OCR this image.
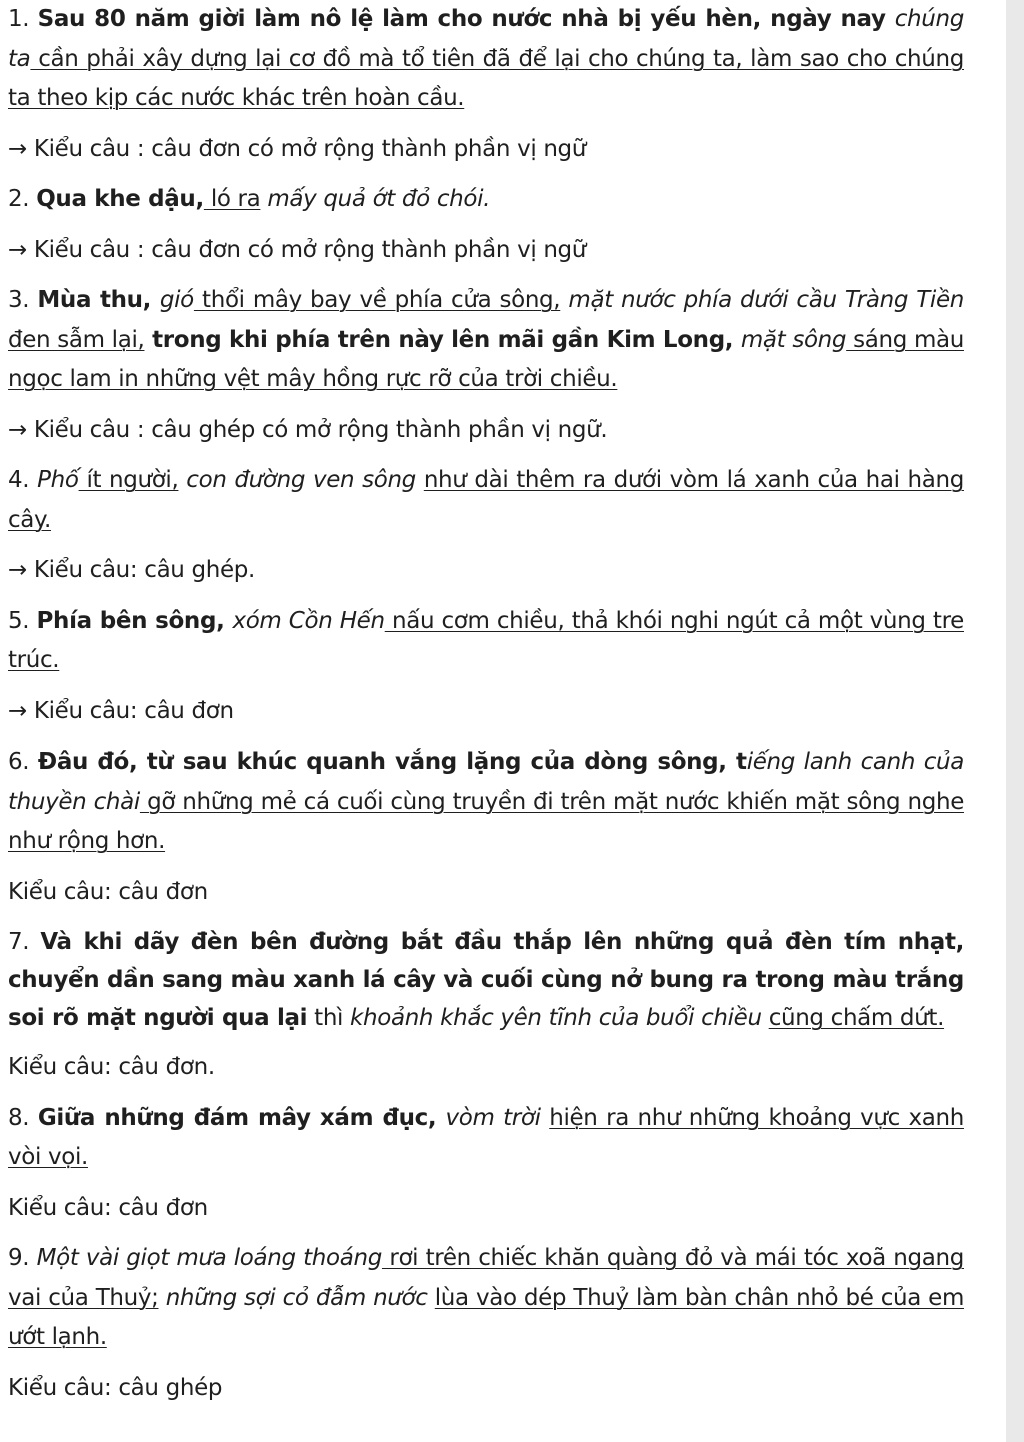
1. Sau 80 năm giời làm nô lệ làm cho nước nhà bị yếu hèn, ngày nay chúng ta cần phải xây dựng lại cơ đồ mà tổ tiên đã để lại cho chúng ta, làm sao cho chúng ta theo kịp các nước khác trên hoàn cầu.

→ Kiểu câu : câu đơn có mở rộng thành phần vị ngữ

2. Qua khe dậu, ló ra mấy quả ớt đỏ chói.

→ Kiểu câu : câu đơn có mở rộng thành phần vị ngữ

3. Mùa thu, gió thổi mây bay về phía cửa sông, mặt nước phía dưới cầu Tràng Tiền đen sẫm lại, trong khi phía trên này lên mãi gần Kim Long, mặt sông sáng màu ngọc lam in những vệt mây hồng rực rỡ của trời chiều.

→ Kiểu câu : câu ghép có mở rộng thành phần vị ngữ.

4. Phố ít người, con đường ven sông như dài thêm ra dưới vòm lá xanh của hai hàng cây.

→ Kiểu câu: câu ghép.

5. Phía bên sông, xóm Cồn Hến nấu cơm chiều, thả khói nghi ngút cả một vùng tre trúc.

→ Kiểu câu: câu đơn

6. Đâu đó, từ sau khúc quanh vắng lặng của dòng sông, tiếng lanh canh của thuyền chài gỡ những mẻ cá cuối cùng truyền đi trên mặt nước khiến mặt sông nghe như rộng hơn.

Kiểu câu: câu đơn

7. Và khi dãy đèn bên đường bắt đầu thắp lên những quả đèn tím nhạt, chuyển dần sang màu xanh lá cây và cuối cùng nở bung ra trong màu trắng soi rõ mặt người qua lại thì khoảnh khắc yên tĩnh của buổi chiều cũng chấm dứt.

Kiểu câu: câu đơn.

8. Giữa những đám mây xám đục, vòm trời hiện ra như những khoảng vực xanh vòi vọi.

Kiểu câu: câu đơn

9. Một vài giọt mưa loáng thoáng rơi trên chiếc khăn quàng đỏ và mái tóc xoã ngang vai của Thuỷ; những sợi cỏ đẫm nước lùa vào dép Thuỷ làm bàn chân nhỏ bé của em ướt lạnh.

Kiểu câu: câu ghép
